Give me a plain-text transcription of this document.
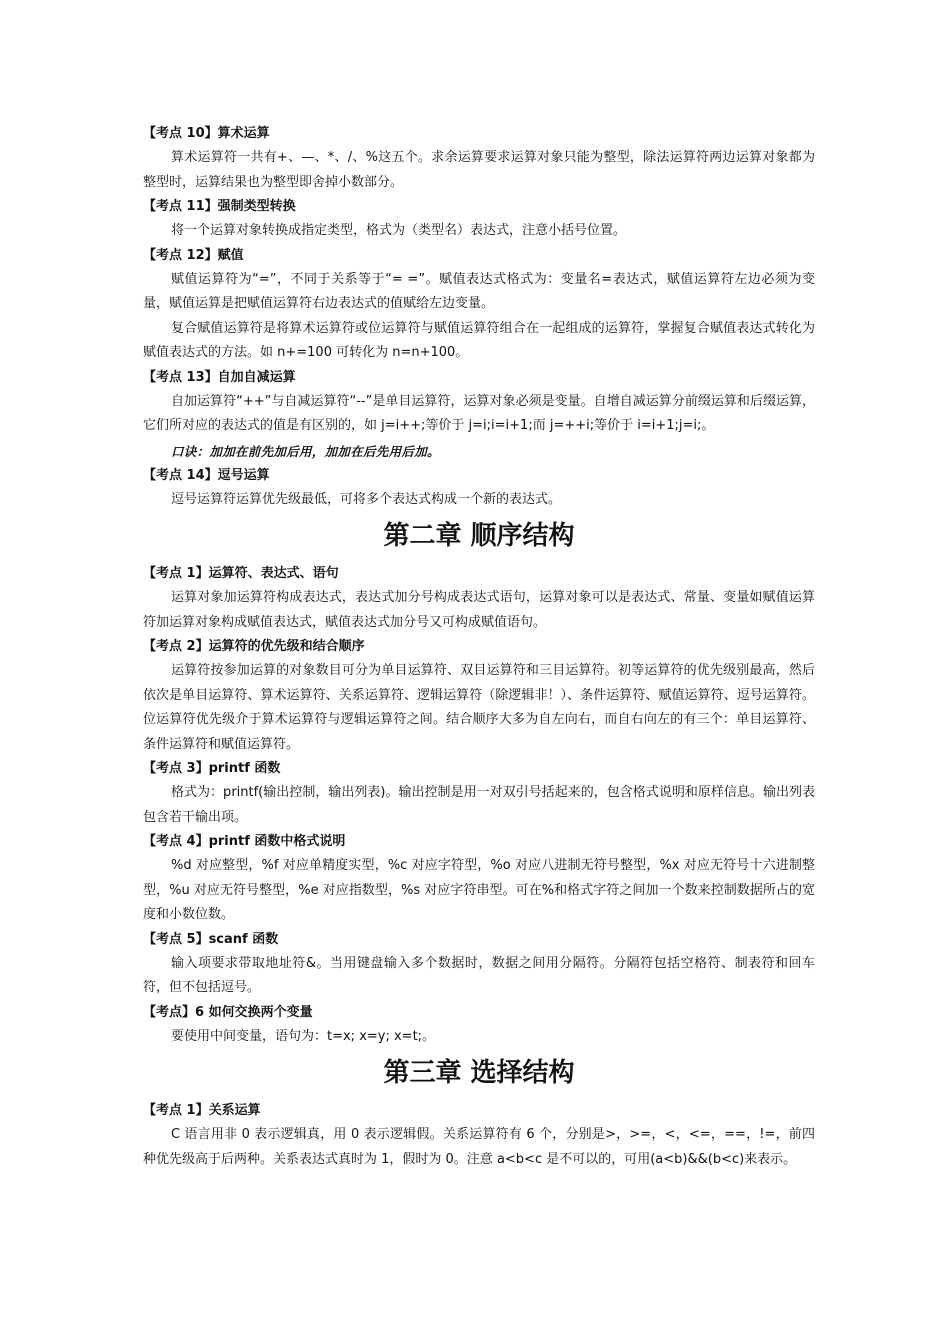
【考点 10】算术运算

算术运算符一共有+、—、*、/、%这五个。求余运算要求运算对象只能为整型，除法运算符两边运算对象都为整型时，运算结果也为整型即舍掉小数部分。

【考点 11】强制类型转换

将一个运算对象转换成指定类型，格式为（类型名）表达式，注意小括号位置。

【考点 12】赋值

赋值运算符为“=”，不同于关系等于“= =”。赋值表达式格式为：变量名=表达式，赋值运算符左边必须为变量，赋值运算是把赋值运算符右边表达式的值赋给左边变量。

复合赋值运算符是将算术运算符或位运算符与赋值运算符组合在一起组成的运算符，掌握复合赋值表达式转化为赋值表达式的方法。如 n+=100 可转化为 n=n+100。

【考点 13】自加自减运算

自加运算符“++”与自减运算符“--”是单目运算符，运算对象必须是变量。自增自减运算分前缀运算和后缀运算，它们所对应的表达式的值是有区别的，如 j=i++;等价于 j=i;i=i+1;而 j=++i;等价于 i=i+1;j=i;。

口诀：加加在前先加后用，加加在后先用后加。

【考点 14】逗号运算

逗号运算符运算优先级最低，可将多个表达式构成一个新的表达式。

第二章 顺序结构

【考点 1】运算符、表达式、语句

运算对象加运算符构成表达式，表达式加分号构成表达式语句，运算对象可以是表达式、常量、变量如赋值运算符加运算对象构成赋值表达式，赋值表达式加分号又可构成赋值语句。

【考点 2】运算符的优先级和结合顺序

运算符按参加运算的对象数目可分为单目运算符、双目运算符和三目运算符。初等运算符的优先级别最高，然后依次是单目运算符、算术运算符、关系运算符、逻辑运算符（除逻辑非！）、条件运算符、赋值运算符、逗号运算符。位运算符优先级介于算术运算符与逻辑运算符之间。结合顺序大多为自左向右，而自右向左的有三个：单目运算符、条件运算符和赋值运算符。

【考点 3】printf 函数

格式为：printf(输出控制，输出列表)。输出控制是用一对双引号括起来的，包含格式说明和原样信息。输出列表包含若干输出项。

【考点 4】printf 函数中格式说明

%d 对应整型，%f 对应单精度实型，%c 对应字符型，%o 对应八进制无符号整型，%x 对应无符号十六进制整型，%u 对应无符号整型，%e 对应指数型，%s 对应字符串型。可在%和格式字符之间加一个数来控制数据所占的宽度和小数位数。

【考点 5】scanf 函数

输入项要求带取地址符&。当用键盘输入多个数据时，数据之间用分隔符。分隔符包括空格符、制表符和回车符，但不包括逗号。

【考点】6 如何交换两个变量

要使用中间变量，语句为：t=x; x=y; x=t;。

第三章 选择结构

【考点 1】关系运算

C 语言用非 0 表示逻辑真，用 0 表示逻辑假。关系运算符有 6 个，分别是>，>=，<，<=，==，!=，前四种优先级高于后两种。关系表达式真时为 1，假时为 0。注意 a<b<c 是不可以的，可用(a<b)&&(b<c)来表示。
